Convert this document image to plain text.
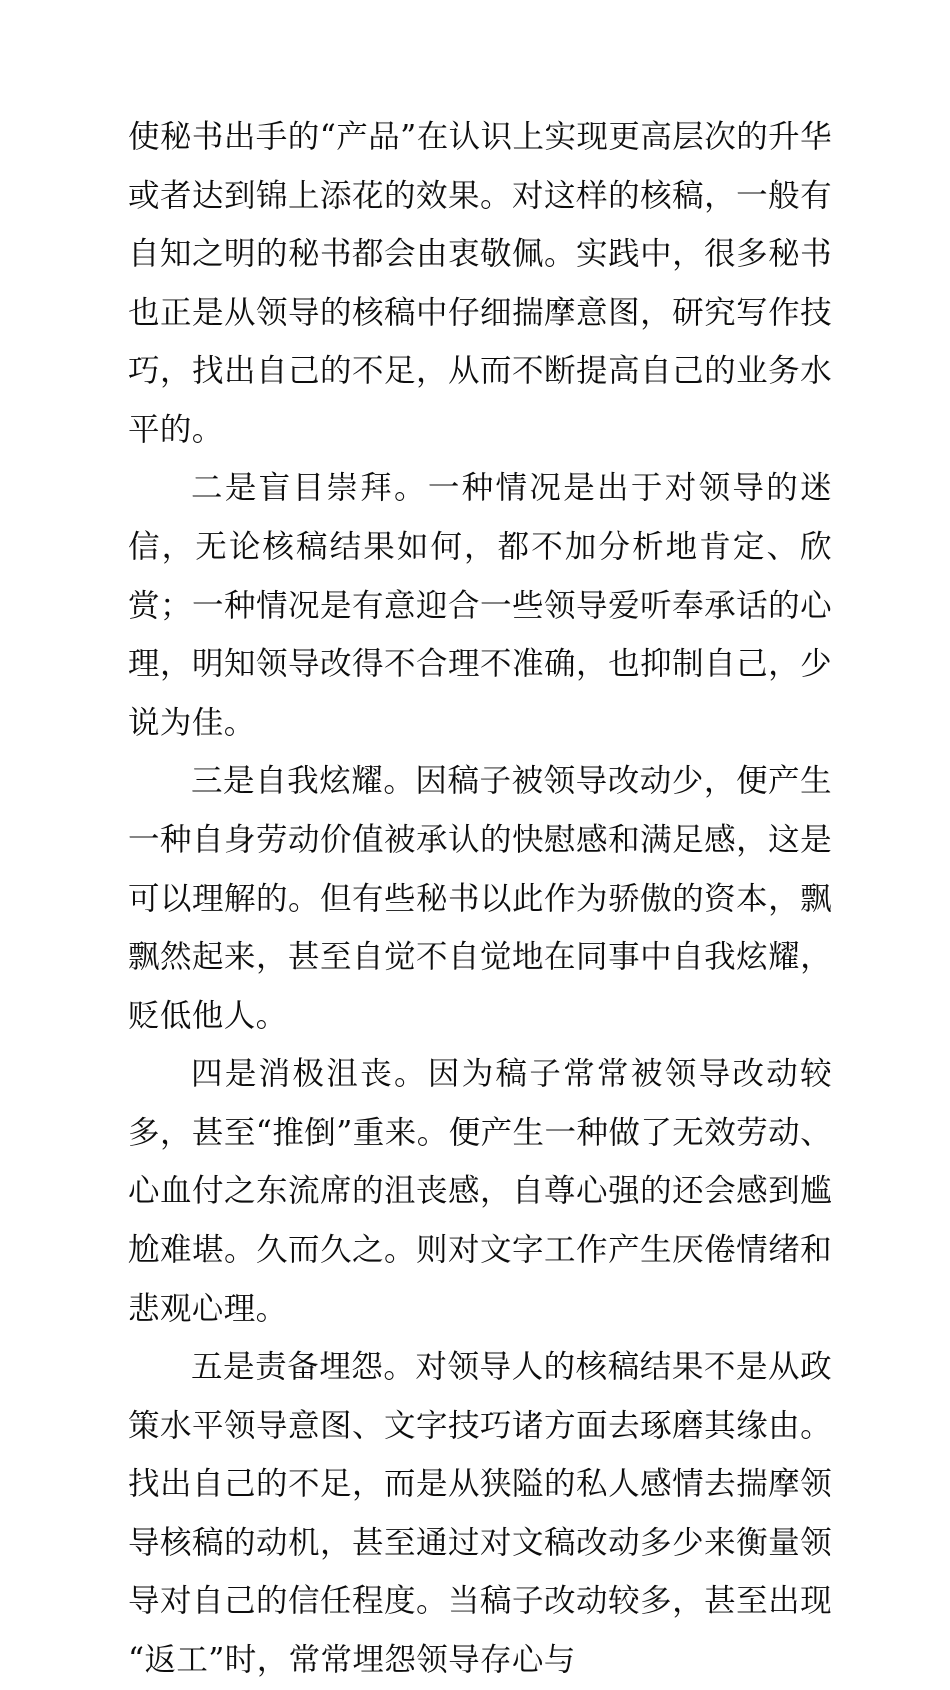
使秘书出手的“产品”在认识上实现更高层次的升华或者达到锦上添花的效果。对这样的核稿，一般有自知之明的秘书都会由衷敬佩。实践中，很多秘书也正是从领导的核稿中仔细揣摩意图，研究写作技巧，找出自己的不足，从而不断提高自己的业务水平的。

二是盲目崇拜。一种情况是出于对领导的迷信，无论核稿结果如何，都不加分析地肯定、欣赏；一种情况是有意迎合一些领导爱听奉承话的心理，明知领导改得不合理不准确，也抑制自己，少说为佳。

三是自我炫耀。因稿子被领导改动少，便产生一种自身劳动价值被承认的快慰感和满足感，这是可以理解的。但有些秘书以此作为骄傲的资本，飘飘然起来，甚至自觉不自觉地在同事中自我炫耀，贬低他人。

四是消极沮丧。因为稿子常常被领导改动较多，甚至“推倒”重来。便产生一种做了无效劳动、心血付之东流席的沮丧感，自尊心强的还会感到尴尬难堪。久而久之。则对文字工作产生厌倦情绪和悲观心理。

五是责备埋怨。对领导人的核稿结果不是从政策水平领导意图、文字技巧诸方面去琢磨其缘由。找出自己的不足，而是从狭隘的私人感情去揣摩领导核稿的动机，甚至通过对文稿改动多少来衡量领导对自己的信任程度。当稿子改动较多，甚至出现“返工”时，常常埋怨领导存心与
